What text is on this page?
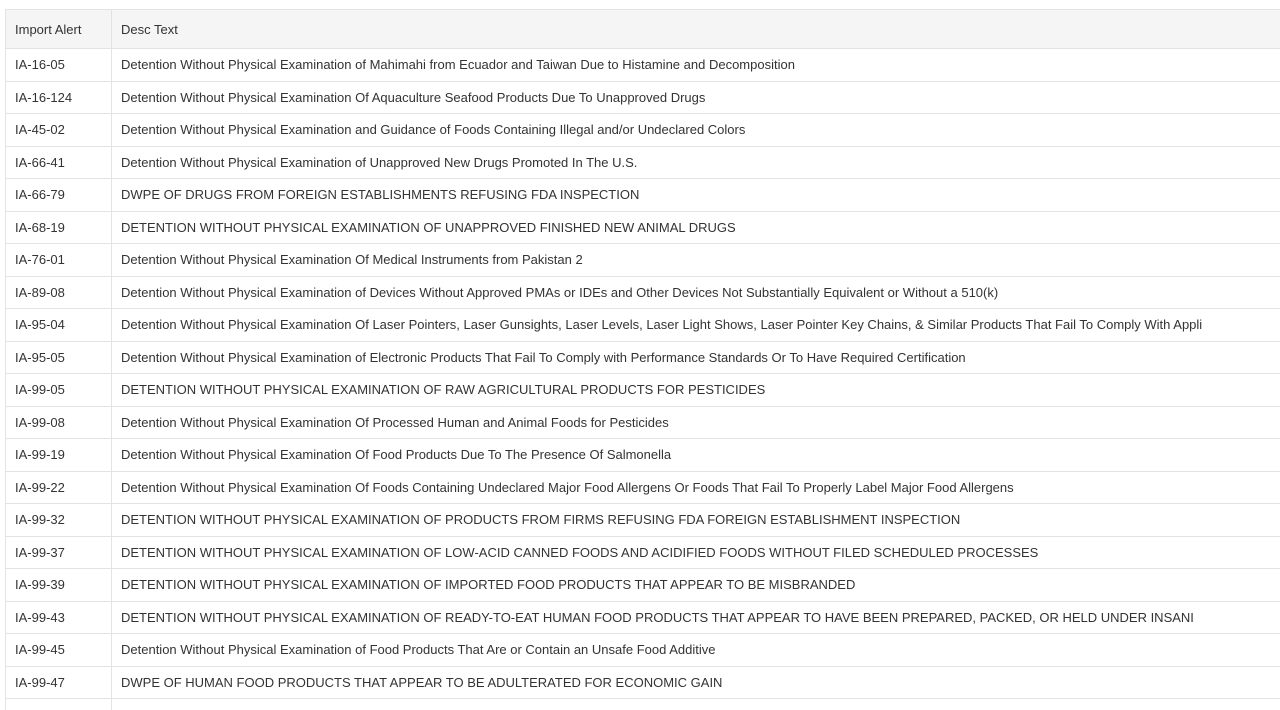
Import Alert	Desc Text
IA-16-05	Detention Without Physical Examination of Mahimahi from Ecuador and Taiwan Due to Histamine and Decomposition
IA-16-124	Detention Without Physical Examination Of Aquaculture Seafood Products Due To Unapproved Drugs
IA-45-02	Detention Without Physical Examination and Guidance of Foods Containing Illegal and/or Undeclared Colors
IA-66-41	Detention Without Physical Examination of Unapproved New Drugs Promoted In The U.S.
IA-66-79	DWPE OF DRUGS FROM FOREIGN ESTABLISHMENTS REFUSING FDA INSPECTION
IA-68-19	DETENTION WITHOUT PHYSICAL EXAMINATION OF UNAPPROVED FINISHED NEW ANIMAL DRUGS
IA-76-01	Detention Without Physical Examination Of Medical Instruments from Pakistan 2
IA-89-08	Detention Without Physical Examination of Devices Without Approved PMAs or IDEs and Other Devices Not Substantially Equivalent or Without a 510(k)
IA-95-04	Detention Without Physical Examination Of Laser Pointers, Laser Gunsights, Laser Levels, Laser Light Shows, Laser Pointer Key Chains, & Similar Products That Fail To Comply With Appli
IA-95-05	Detention Without Physical Examination of Electronic Products That Fail To Comply with Performance Standards Or To Have Required Certification
IA-99-05	DETENTION WITHOUT PHYSICAL EXAMINATION OF RAW AGRICULTURAL PRODUCTS FOR PESTICIDES
IA-99-08	Detention Without Physical Examination Of Processed Human and Animal Foods for Pesticides
IA-99-19	Detention Without Physical Examination Of Food Products Due To The Presence Of Salmonella
IA-99-22	Detention Without Physical Examination Of Foods Containing Undeclared Major Food Allergens Or Foods That Fail To Properly Label Major Food Allergens
IA-99-32	DETENTION WITHOUT PHYSICAL EXAMINATION OF PRODUCTS FROM FIRMS REFUSING FDA FOREIGN ESTABLISHMENT INSPECTION
IA-99-37	DETENTION WITHOUT PHYSICAL EXAMINATION OF LOW-ACID CANNED FOODS AND ACIDIFIED FOODS WITHOUT FILED SCHEDULED PROCESSES
IA-99-39	DETENTION WITHOUT PHYSICAL EXAMINATION OF IMPORTED FOOD PRODUCTS THAT APPEAR TO BE MISBRANDED
IA-99-43	DETENTION WITHOUT PHYSICAL EXAMINATION OF READY-TO-EAT HUMAN FOOD PRODUCTS THAT APPEAR TO HAVE BEEN PREPARED, PACKED, OR HELD UNDER INSANI
IA-99-45	Detention Without Physical Examination of Food Products That Are or Contain an Unsafe Food Additive
IA-99-47	DWPE OF HUMAN FOOD PRODUCTS THAT APPEAR TO BE ADULTERATED FOR ECONOMIC GAIN
